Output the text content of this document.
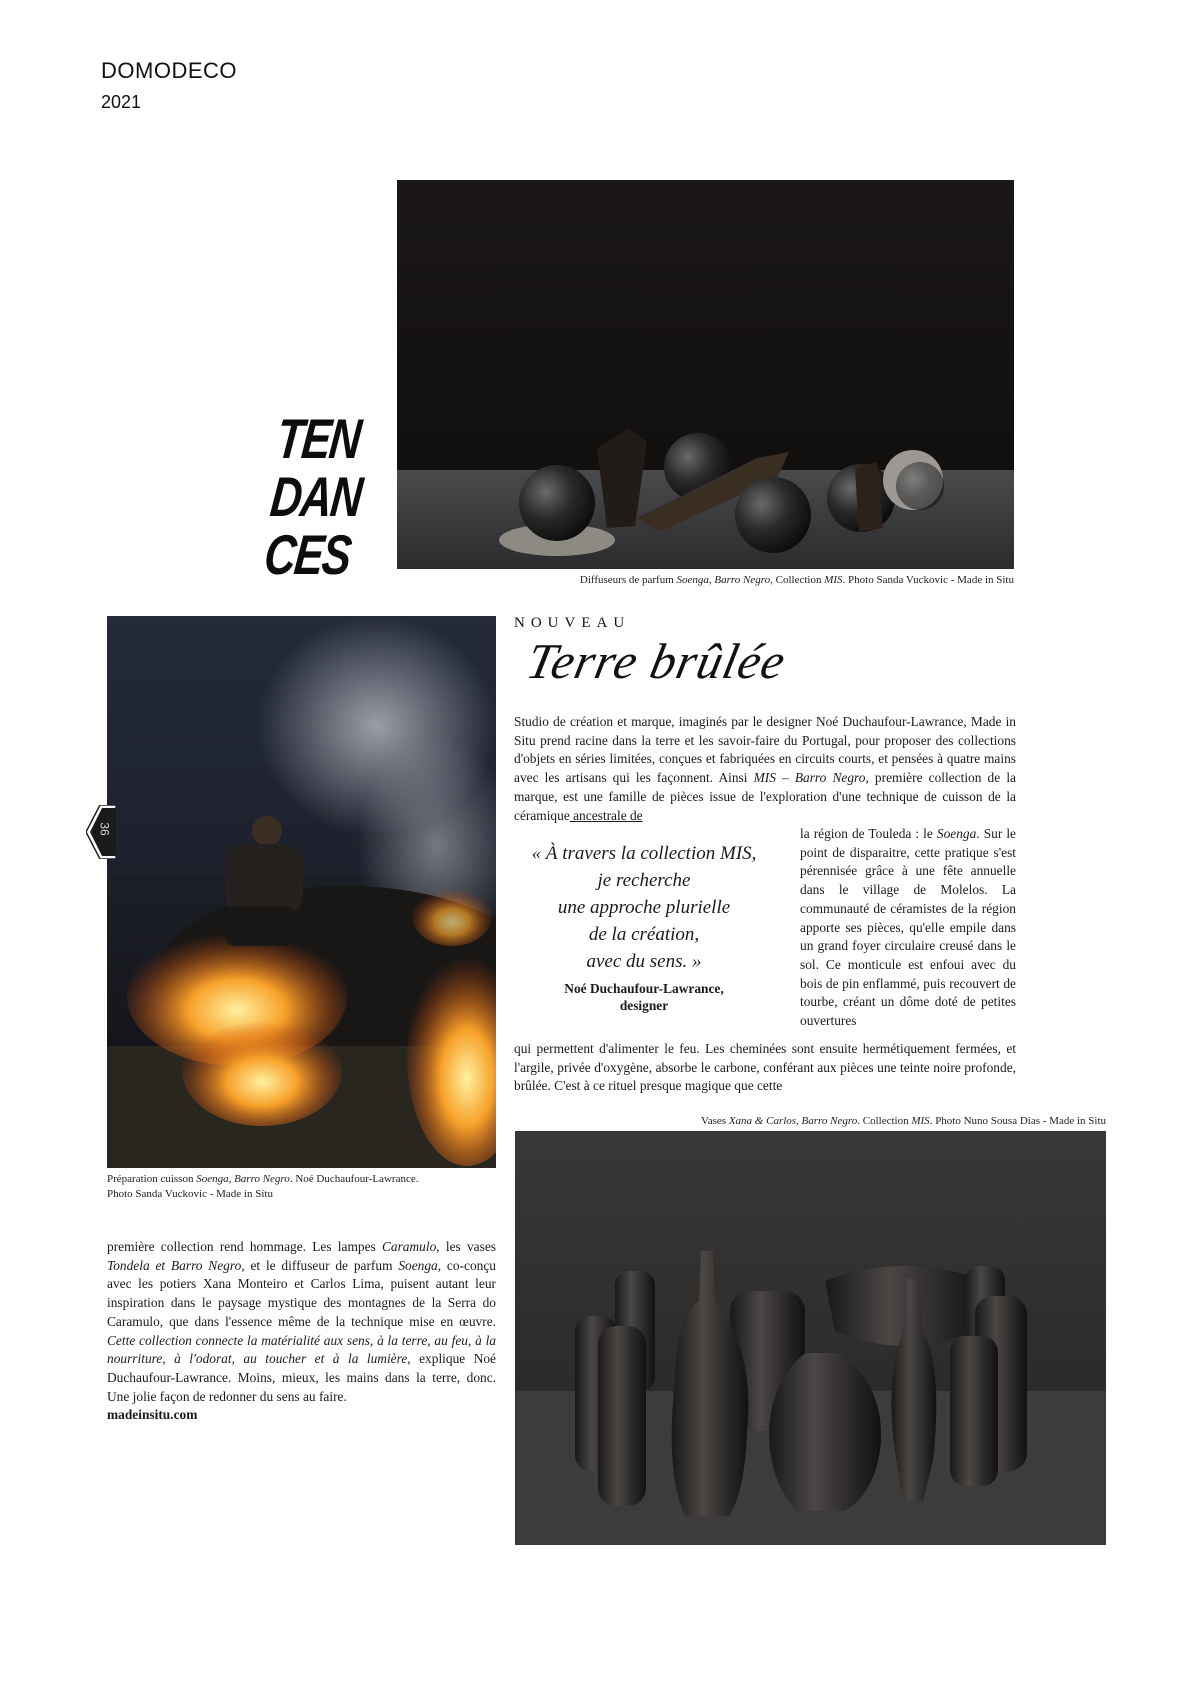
DOMODECO
2021
TEN
DAN
CES	Diffuseurs de parfum Soenga, Barro Negro, Collection MIS. Photo Sanda Vuckovic - Made in Situ
Préparation cuisson Soenga, Barro Negro. Noé Duchaufour-Lawrance.
Photo Sanda Vuckovic - Made in Situ
36
NOUVEAU
Terre brûlée

Studio de création et marque, imaginés par le designer Noé Duchaufour-Lawrance, Made in Situ prend racine dans la terre et les savoir-faire du Portugal, pour proposer des collections d'objets en séries limitées, conçues et fabriquées en circuits courts, et pensées à quatre mains avec les artisans qui les façonnent. Ainsi MIS – Barro Negro, première collection de la marque, est une famille de pièces issue de l'exploration d'une technique de cuisson de la céramique ancestrale de

« À travers la collection MIS,
je recherche
une approche plurielle
de la création,
avec du sens. »
Noé Duchaufour-Lawrance,
designer

la région de Touleda : le Soenga. Sur le point de disparaitre, cette pratique s'est pérennisée grâce à une fête annuelle dans le village de Molelos. La communauté de céramistes de la région apporte ses pièces, qu'elle empile dans un grand foyer circulaire creusé dans le sol. Ce monticule est enfoui avec du bois de pin enflammé, puis recouvert de tourbe, créant un dôme doté de petites ouvertures

qui permettent d'alimenter le feu. Les cheminées sont ensuite hermétiquement fermées, et l'argile, privée d'oxygène, absorbe le carbone, conférant aux pièces une teinte noire profonde, brûlée. C'est à ce rituel presque magique que cette

Vases Xana & Carlos, Barro Negro. Collection MIS. Photo Nuno Sousa Dias - Made in Situ

première collection rend hommage. Les lampes Caramulo, les vases Tondela et Barro Negro, et le diffuseur de parfum Soenga, co-conçu avec les potiers Xana Monteiro et Carlos Lima, puisent autant leur inspiration dans le paysage mystique des montagnes de la Serra do Caramulo, que dans l'essence même de la technique mise en œuvre. Cette collection connecte la matérialité aux sens, à la terre, au feu, à la nourriture, à l'odorat, au toucher et à la lumière, explique Noé Duchaufour-Lawrance. Moins, mieux, les mains dans la terre, donc. Une jolie façon de redonner du sens au faire.
madeinsitu.com
